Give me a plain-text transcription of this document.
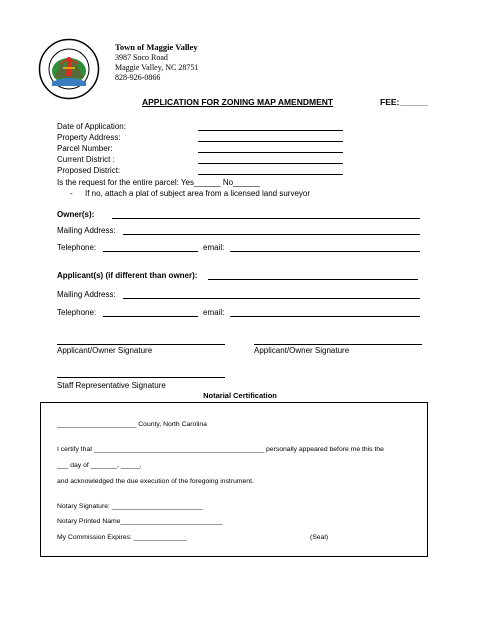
Town of Maggie Valley
3987 Soco Road
Maggie Valley, NC 28751
828-926-0866
APPLICATION FOR ZONING MAP AMENDMENT	FEE:______
Date of Application:
Property Address:
Parcel Number:
Current District :
Proposed District:
Is the request for the entire parcel: Yes______ No______
- If no, attach a plat of subject area from a licensed land surveyor
Owner(s):
Mailing Address:
Telephone:	email:
Applicant(s) (if different than owner):
Mailing Address:
Telephone:	email:
Applicant/Owner Signature	Applicant/Owner Signature
Staff Representative Signature
Notarial Certification
_____________________ County, North Carolina
I certify that _____________________________________________ personally appeared before me this the
___ day of _______, _____,
and acknowledged the due execution of the foregoing instrument.
Notary Signature: ________________________
Notary Printed Name___________________________
My Commission Expires: ______________	(Seal)
